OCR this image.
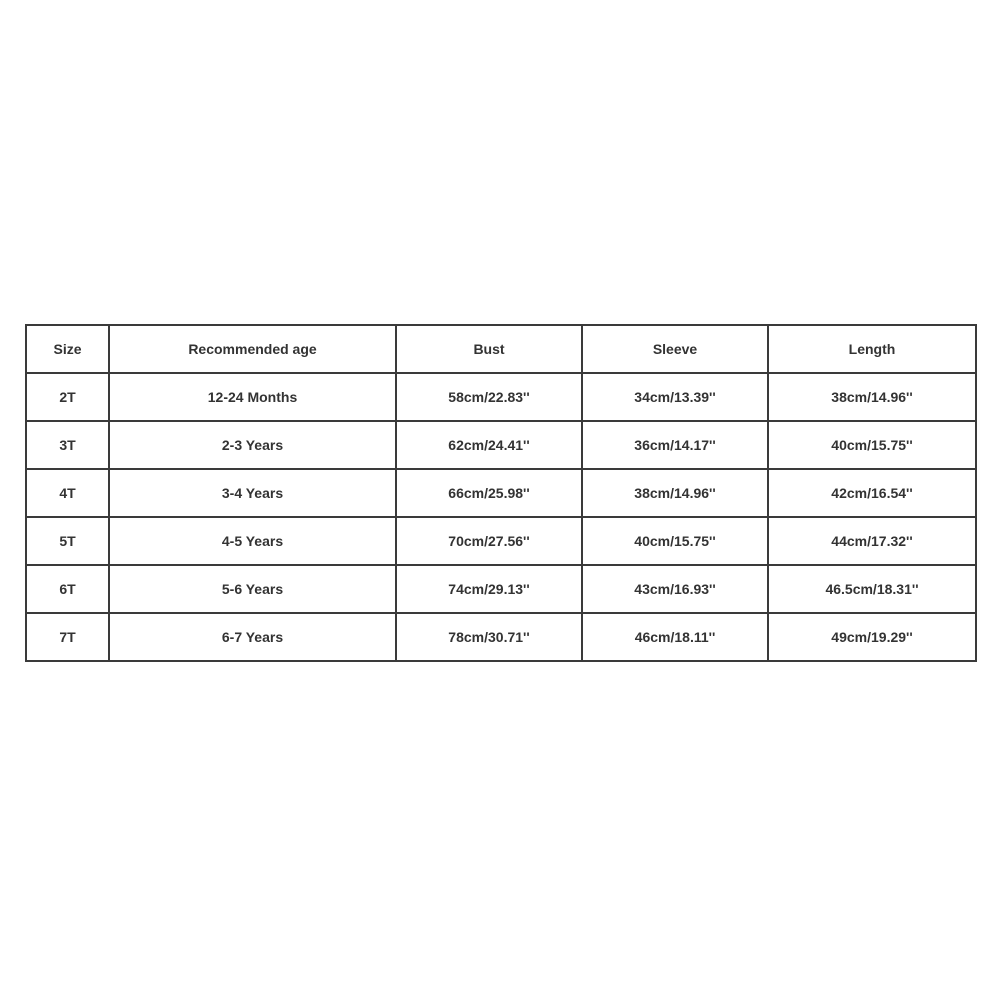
Size	Recommended age	Bust	Sleeve	Length
2T	12-24 Months	58cm/22.83''	34cm/13.39''	38cm/14.96''
3T	2-3 Years	62cm/24.41''	36cm/14.17''	40cm/15.75''
4T	3-4 Years	66cm/25.98''	38cm/14.96''	42cm/16.54''
5T	4-5 Years	70cm/27.56''	40cm/15.75''	44cm/17.32''
6T	5-6 Years	74cm/29.13''	43cm/16.93''	46.5cm/18.31''
7T	6-7 Years	78cm/30.71''	46cm/18.11''	49cm/19.29''
